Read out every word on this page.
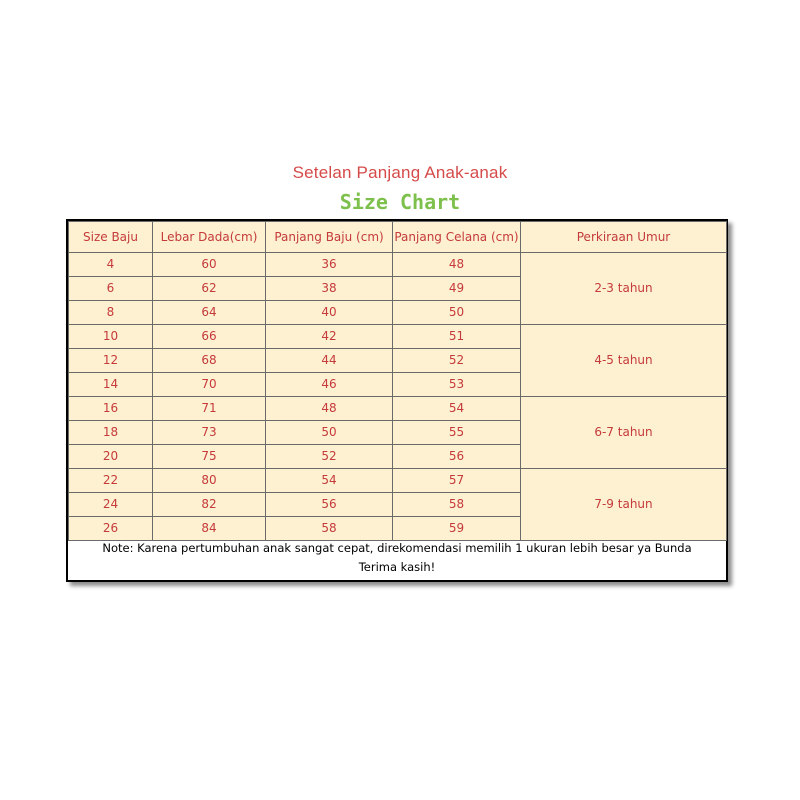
Setelan Panjang Anak-anak
Size Chart
Size Baju	Lebar Dada(cm)	Panjang Baju (cm)	Panjang Celana (cm)	Perkiraan Umur
4	60	36	48	2-3 tahun
6	62	38	49	
8	64	40	50	
10	66	42	51	4-5 tahun
12	68	44	52	
14	70	46	53	
16	71	48	54	6-7 tahun
18	73	50	55	
20	75	52	56	
22	80	54	57	7-9 tahun
24	82	56	58	
26	84	58	59	
Note: Karena pertumbuhan anak sangat cepat, direkomendasi memilih 1 ukuran lebih besar ya Bunda
Terima kasih!
